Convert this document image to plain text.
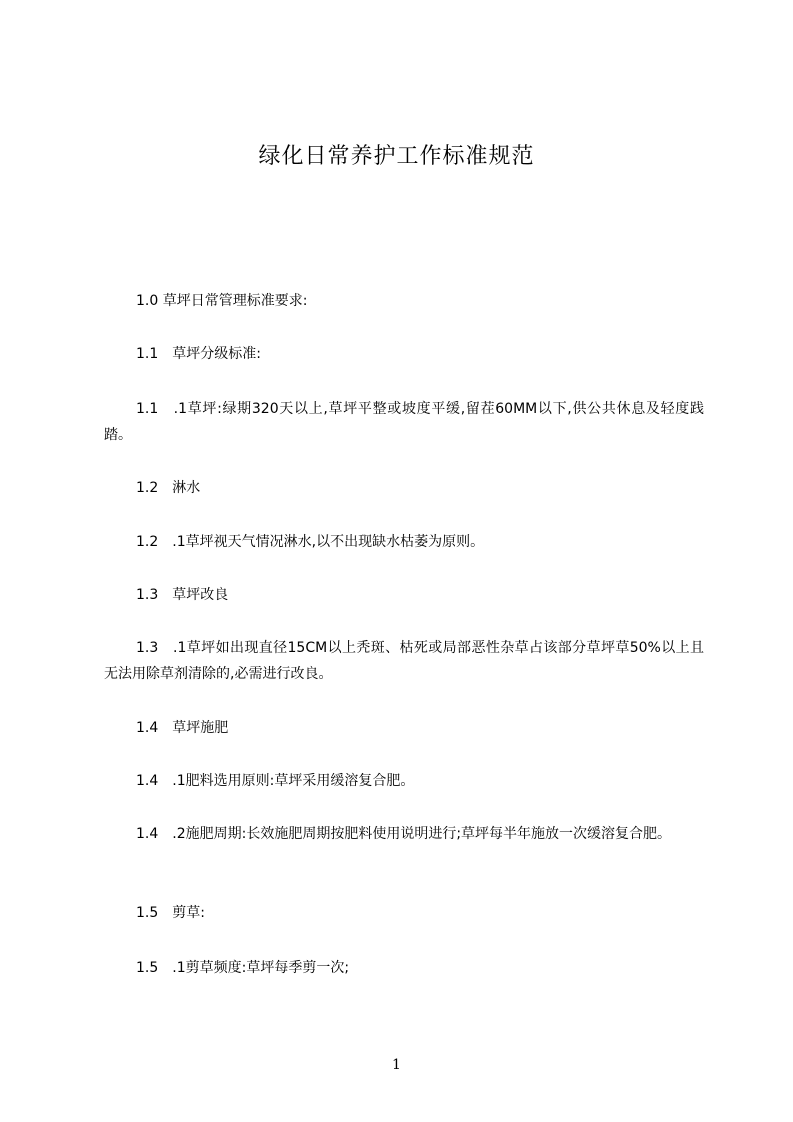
绿化日常养护工作标准规范
1.0 草坪日常管理标准要求:
1.1　草坪分级标准:
1.1　.1草坪:绿期320天以上,草坪平整或坡度平缓,留茬60MM以下,供公共休息及轻度践踏。
1.2　淋水
1.2　.1草坪视天气情况淋水,以不出现缺水枯萎为原则。
1.3　草坪改良
1.3　.1草坪如出现直径15CM以上秃斑、枯死或局部恶性杂草占该部分草坪草50%以上且无法用除草剂清除的,必需进行改良。
1.4　草坪施肥
1.4　.1肥料选用原则:草坪采用缓溶复合肥。
1.4　.2施肥周期:长效施肥周期按肥料使用说明进行;草坪每半年施放一次缓溶复合肥。
1.5　剪草:
1.5　.1剪草频度:草坪每季剪一次;
1
